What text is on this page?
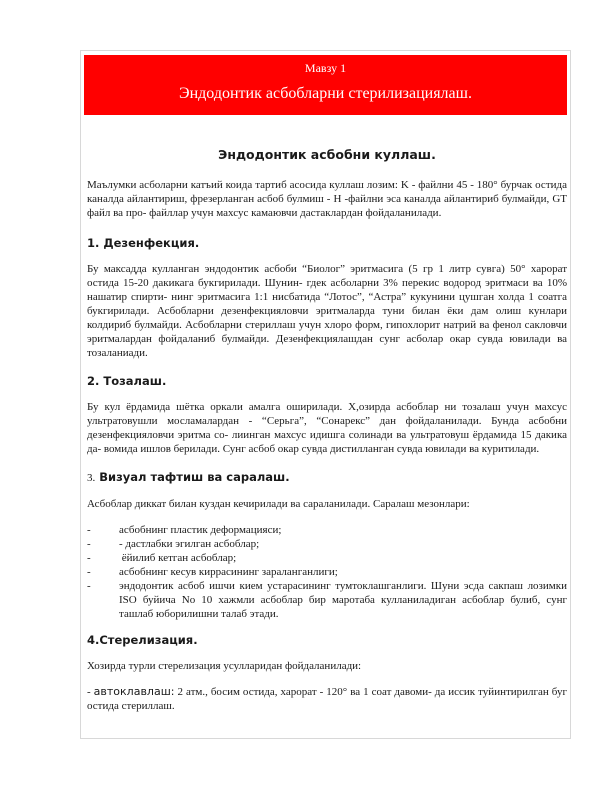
Мавзу 1
Эндодонтик асбобларни стерилизациялаш.
Эндодонтик асбобни куллаш.

Маълумки асболарни катъий коида тартиб асосида куллаш лозим: K - файлни 45 - 180° бурчак остида каналда айлантириш, фрезерланган асбоб булмиш - H -файлни эса каналда айлантириб булмайди, GT файл ва про- файллар учун махсус камаювчи дастаклардан фойдаланилади.

1. Дезенфекция.

Бу максадда кулланган эндодонтик асбоби “Биолог” эритмасига (5 гр 1 литр сувга) 50° харорат остида 15-20 дакикага букгирилади. Шунин- гдек асболарни 3% перекис водород эритмаси ва 10% нашатир спирти- нинг эритмасига 1:1 нисбатида “Лотос”, “Астра” кукунини цушган холда 1 соатга букгирилади. Асбобларни дезенфекцияловчи эритмаларда туни билан ёки дам олиш кунлари колдириб булмайди. Асбобларни стериллаш учун хлоро форм, гипохлорит натрий ва фенол сакловчи эритмалардан фойдаланиб булмайди. Дезенфекциялашдан сунг асболар окар сувда ювилади ва тозаланиади.

2. Тозалаш.

Бу кул ёрдамида шётка оркали амалга оширилади. Х,озирда асбоблар ни тозалаш учун махсус ультратовушли мосламалардан - “Серьга”, “Сонарекс” дан фойдаланилади. Бунда асбобни дезенфекцияловчи эритма со- лиинган махсус идишга солинади ва ультратовуш ёрдамида 15 дакика да- вомида ишлов берилади. Сунг асбоб окар сувда дистилланган сувда ювилади ва куритилади.

3. Визуал тафтиш ва саралаш.

Асбоблар диккат билан куздан кечирилади ва сараланилади. Саралаш мезонлари:

-	асбобнинг пластик деформацияси;
-	- дастлабки эгилган асбоблар;
-	ёйилиб кетган асбоблар;
-	асбобнинг кесув киррасининг зараланганлиги;
-	эндодонтик асбоб ишчи кием устарасининг тумтоклашганлиги. Шуни эсда сакпаш лозимки ISO буйича No 10 хажмли асбоблар бир маротаба кулланиладиган асбоблар булиб, сунг ташлаб юборилишни талаб этади.
4.Стерелизация.

Хозирда турли стерелизация усулларидан фойдаланилади:

- автоклавлаш: 2 атм., босим остида, харорат - 120° ва 1 соат давоми- да иссик туйинтирилган буг остида стериллаш.
